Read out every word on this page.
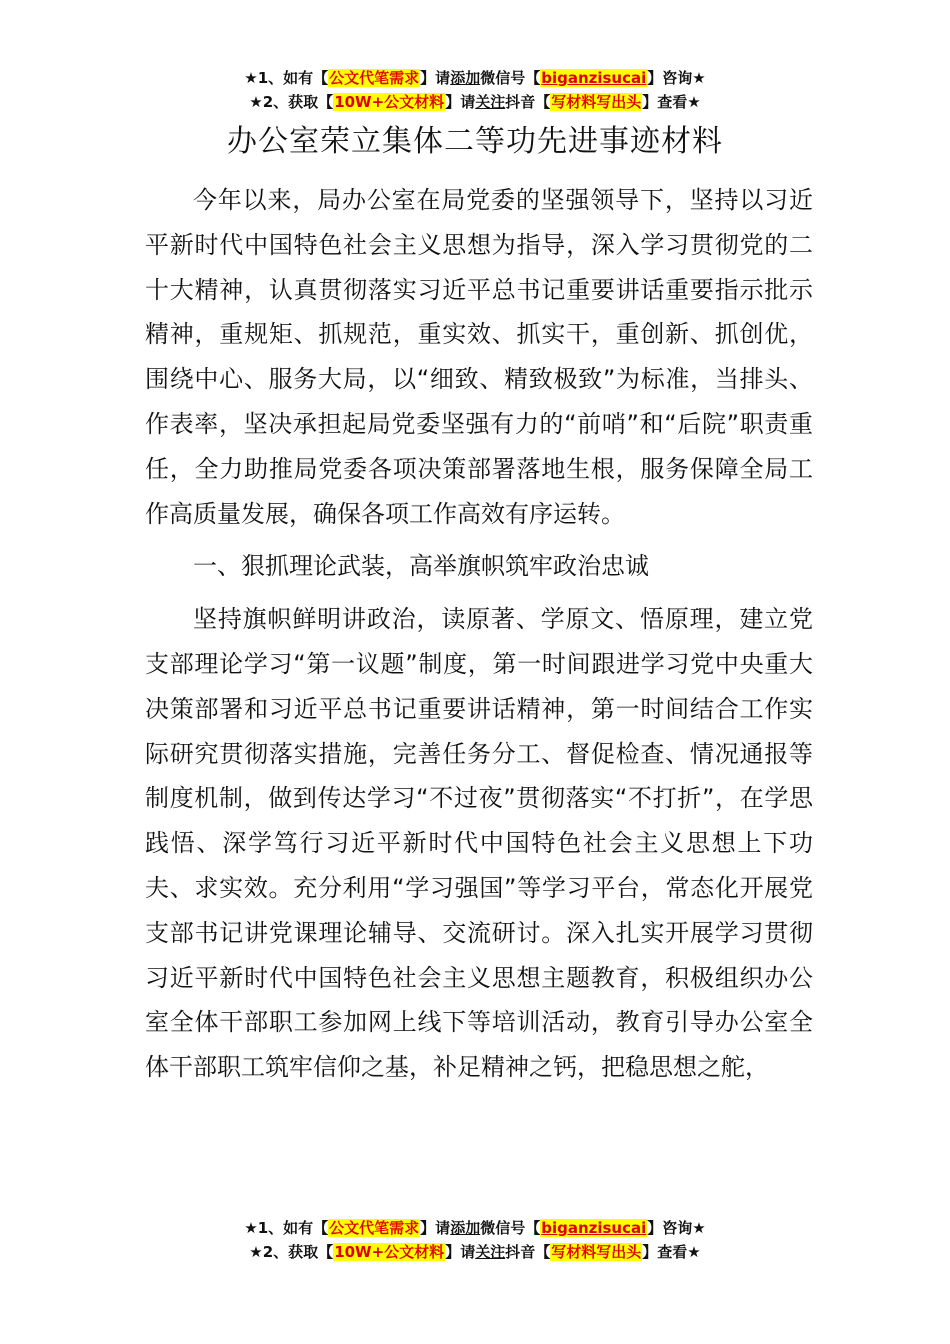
★1、如有【公文代笔需求】请添加微信号【biganzisucai】咨询★
★2、获取【10W+公文材料】请关注抖音【写材料写出头】查看★
办公室荣立集体二等功先进事迹材料

今年以来，局办公室在局党委的坚强领导下，坚持以习近平新时代中国特色社会主义思想为指导，深入学习贯彻党的二十大精神，认真贯彻落实习近平总书记重要讲话重要指示批示精神，重规矩、抓规范，重实效、抓实干，重创新、抓创优，围绕中心、服务大局，以“细致、精致极致”为标准，当排头、作表率，坚决承担起局党委坚强有力的“前哨”和“后院”职责重任，全力助推局党委各项决策部署落地生根，服务保障全局工作高质量发展，确保各项工作高效有序运转。

一、狠抓理论武装，高举旗帜筑牢政治忠诚

坚持旗帜鲜明讲政治，读原著、学原文、悟原理，建立党支部理论学习“第一议题”制度，第一时间跟进学习党中央重大决策部署和习近平总书记重要讲话精神，第一时间结合工作实际研究贯彻落实措施，完善任务分工、督促检查、情况通报等制度机制，做到传达学习“不过夜”贯彻落实“不打折”，在学思践悟、深学笃行习近平新时代中国特色社会主义思想上下功夫、求实效。充分利用“学习强国”等学习平台，常态化开展党支部书记讲党课理论辅导、交流研讨。深入扎实开展学习贯彻习近平新时代中国特色社会主义思想主题教育，积极组织办公室全体干部职工参加网上线下等培训活动，教育引导办公室全体干部职工筑牢信仰之基，补足精神之钙，把稳思想之舵，

★1、如有【公文代笔需求】请添加微信号【biganzisucai】咨询★
★2、获取【10W+公文材料】请关注抖音【写材料写出头】查看★
